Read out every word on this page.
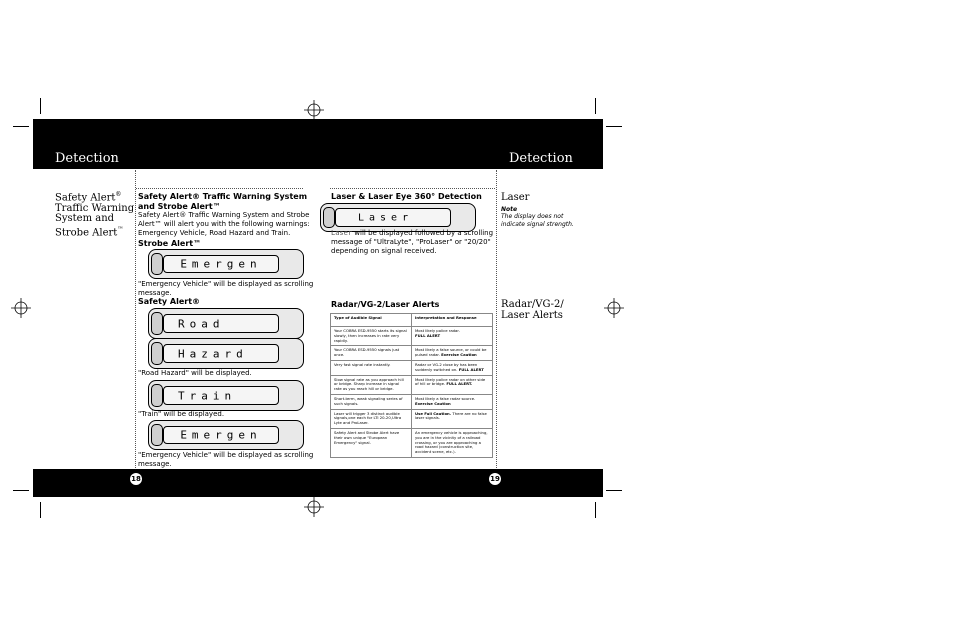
Detection	Detection
Safety Alert®
Traffic Warning
System and
Strobe Alert™
Safety Alert® Traffic Warning System
and Strobe Alert™
Safety Alert® Traffic Warning System and Strobe
Alert™ will alert you with the following warnings:
Emergency Vehicle, Road Hazard and Train.
Strobe Alert™
Emergen
"Emergency Vehicle" will be displayed as scrolling
message.
Safety Alert®
Road
Hazard
"Road Hazard" will be displayed.
Train
"Train" will be displayed.
Emergen
"Emergency Vehicle" will be displayed as scrolling
message.
Laser & Laser Eye 360° Detection
Laser
Laser will be displayed followed by a scrolling
message of "UltraLyte", "ProLaser" or "20/20"
depending on signal received.
Radar/VG-2/Laser Alerts
Type of Audible Signal	Interpretation and Response
Your COBRA ESD-9550 starts its signal slowly, then increases in rate very rapidly.	Most likely police radar.
FULL ALERT
Your COBRA ESD-9550 signals just once.	Most likely a false source, or could be pulsed radar. Exercise Caution
Very fast signal rate instantly.	Radar or VG-2 close by has been suddenly switched on. FULL ALERT
Slow signal rate as you approach hill or bridge. Sharp increase in signal rate as you reach hill or bridge.	Most likely police radar on other side of hill or bridge. FULL ALERT.
Short-term, weak signaling series of such signals.	Most likely a false radar source.
Exercise Caution
Laser will trigger 3 distinct audible signals,one each for LTI 20-20,Ultra Lyte and ProLaser.	Use Full Caution. There are no false laser signals.
Safety Alert and Strobe Alert have their own unique "European Emergency" signal.	An emergency vehicle is approaching, you are in the vicinity of a railroad crossing, or you are approaching a road hazard (construction site, accident scene, etc.).
Laser
Note
The display does not
indicate signal strength.
Radar/VG-2/
Laser Alerts
18	19
